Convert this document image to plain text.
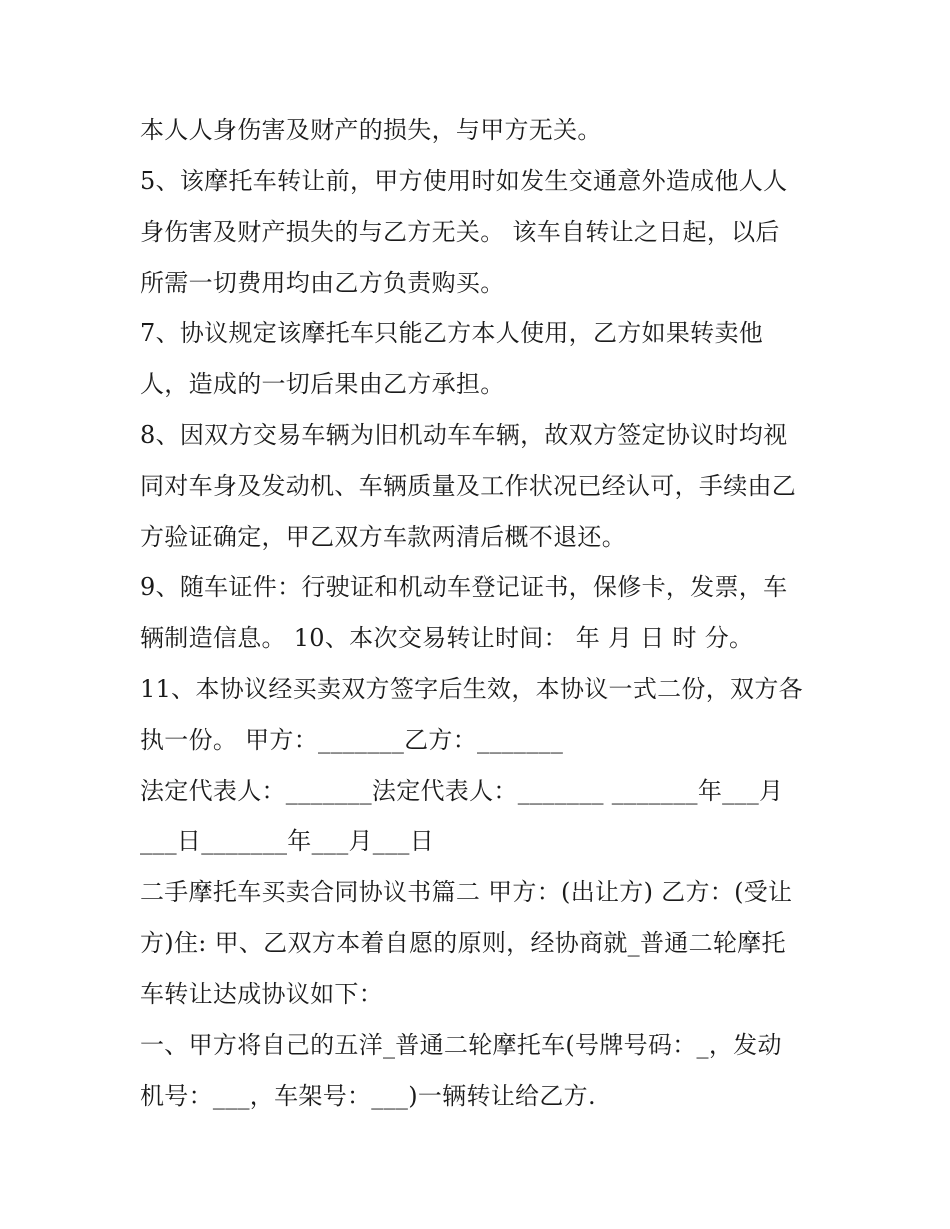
本人人身伤害及财产的损失，与甲方无关。
5、该摩托车转让前，甲方使用时如发生交通意外造成他人人
身伤害及财产损失的与乙方无关。 该车自转让之日起，以后
所需一切费用均由乙方负责购买。
7、协议规定该摩托车只能乙方本人使用，乙方如果转卖他
人，造成的一切后果由乙方承担。
8、因双方交易车辆为旧机动车车辆，故双方签定协议时均视
同对车身及发动机、车辆质量及工作状况已经认可，手续由乙
方验证确定，甲乙双方车款两清后概不退还。
9、随车证件：行驶证和机动车登记证书，保修卡，发票，车
辆制造信息。 10、本次交易转让时间： 年 月 日 时 分。
11、本协议经买卖双方签字后生效，本协议一式二份，双方各
执一份。 甲方：_______乙方：_______
法定代表人：_______法定代表人：_______ _______年___月
___日_______年___月___日
二手摩托车买卖合同协议书篇二 甲方：(出让方) 乙方：(受让
方)住: 甲、乙双方本着自愿的原则，经协商就_普通二轮摩托
车转让达成协议如下：
一、甲方将自己的五洋_普通二轮摩托车(号牌号码：_，发动
机号：___，车架号：___)一辆转让给乙方.
